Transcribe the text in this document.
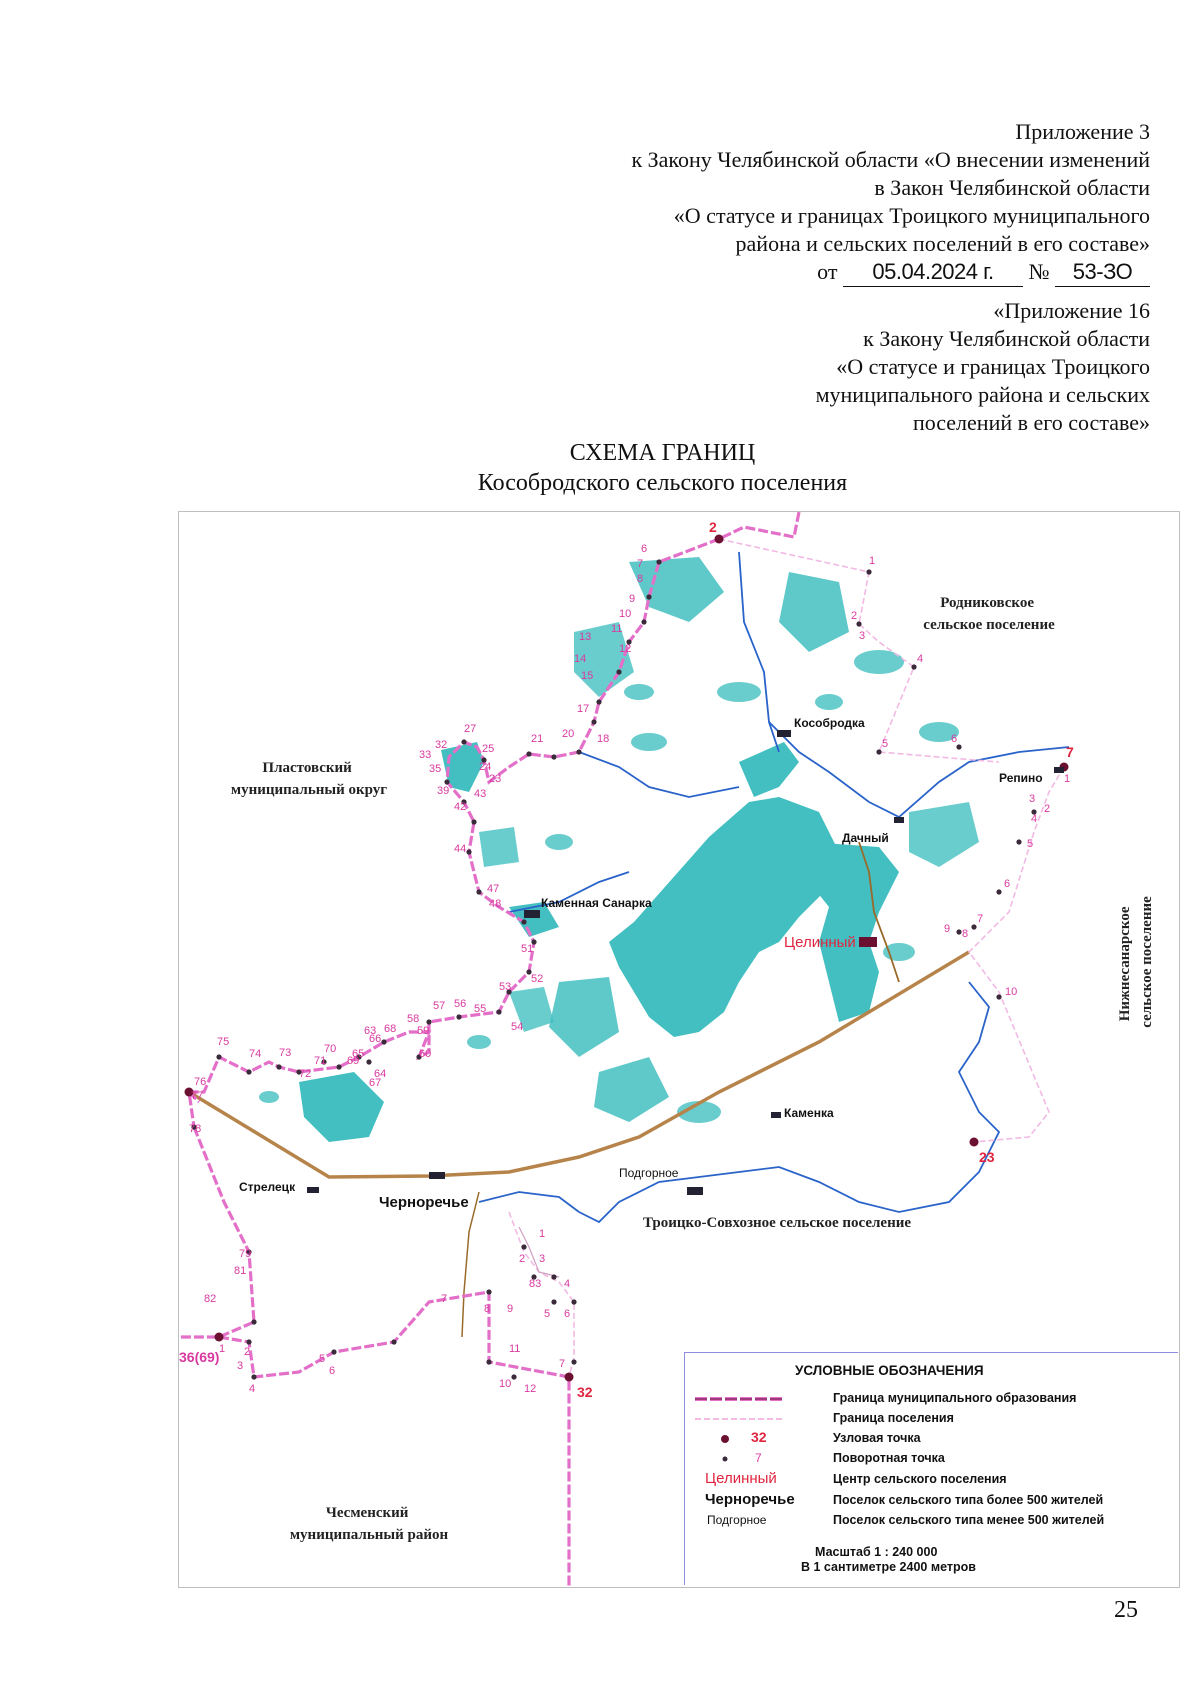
Приложение 3
к Закону Челябинской области «О внесении изменений
в Закон Челябинской области
«О статусе и границах Троицкого муниципального
района и сельских поселений в его составе»
от 05.04.2024 г. № 53-ЗО
«Приложение 16
к Закону Челябинской области
«О статусе и границах Троицкого
муниципального района и сельских
поселений в его составе»
СХЕМА ГРАНИЦ
Кособродского сельского поселения
Родниковское сельское поселение
Пластовский муниципальный округ
Троицко-Совхозное сельское поселение
Чесменский муниципальный район
Нижнесанарское сельское поселение
Кособродка
Репино
Дачный
Каменная Санарка
Целинный
Каменка
Подгорное
Стрелецк
Черноречье
2
7
23
36(69)
32
6
7
8
9
10
11
12
13
14
15
17
18
20
21
23
24
25
27
32
33
35
39 43
42
44
47
48
51
52
53
54
55
56
57
58
59
60
63
64
65
66
67
68
69
70
71
72
73
74
75
76
77
78
79
81
82
1 2
3
4
5
6
7
8 9
11
12
10
7
1
2 3
83 4
5 6
1
2
3
4
5	6
1
3
2
4
5
6
7
9 8
10
УСЛОВНЫЕ ОБОЗНАЧЕНИЯ
Граница муниципального образования
Граница поселения
32	Узловая точка
7	Поворотная точка
Целинный	Центр сельского поселения
Черноречье	Поселок сельского типа более 500 жителей
Подгорное	Поселок сельского типа менее 500 жителей
Масштаб 1 : 240 000
В 1 сантиметре 2400 метров
25
